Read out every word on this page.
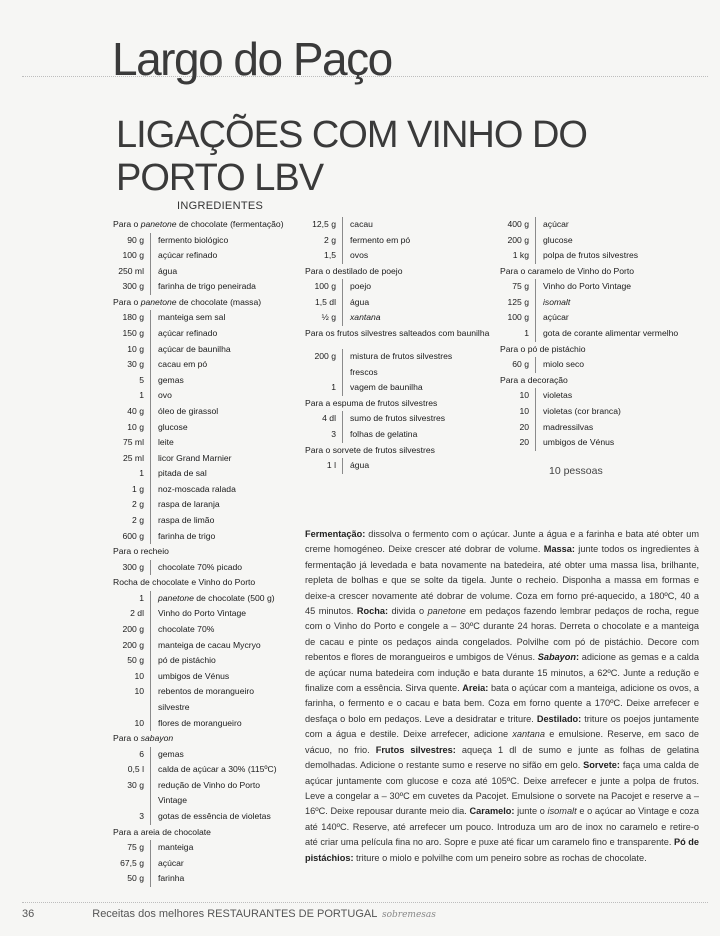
Largo do Paço
LIGAÇÕES COM VINHO DO PORTO LBV
INGREDIENTES
Para o panetone de chocolate (fermentação)
90 g	fermento biológico
100 g	açúcar refinado
250 ml	água
300 g	farinha de trigo peneirada
Para o panetone de chocolate (massa)
180 g	manteiga sem sal
150 g	açúcar refinado
10 g	açúcar de baunilha
30 g	cacau em pó
5	gemas
1	ovo
40 g	óleo de girassol
10 g	glucose
75 ml	leite
25 ml	licor Grand Marnier
1	pitada de sal
1 g	noz-moscada ralada
2 g	raspa de laranja
2 g	raspa de limão
600 g	farinha de trigo
Para o recheio
300 g	chocolate 70% picado
Rocha de chocolate e Vinho do Porto
1	panetone de chocolate (500 g)
2 dl	Vinho do Porto Vintage
200 g	chocolate 70%
200 g	manteiga de cacau Mycryo
50 g	pó de pistáchio
10	umbigos de Vénus
10	rebentos de morangueiro

silvestre
10	flores de morangueiro
Para o sabayon
6	gemas
0,5 l	calda de açúcar a 30% (115ºC)
30 g	redução de Vinho do Porto

Vintage
3	gotas de essência de violetas
Para a areia de chocolate
75 g	manteiga
67,5 g	açúcar
50 g	farinha
12,5 g	cacau
2 g	fermento em pó
1,5	ovos
Para o destilado de poejo
100 g	poejo
1,5 dl	água
½ g	xantana
Para os frutos silvestres salteados com baunilha
200 g	mistura de frutos silvestres

frescos
1	vagem de baunilha
Para a espuma de frutos silvestres
4 dl	sumo de frutos silvestres
3	folhas de gelatina
Para o sorvete de frutos silvestres
1 l	água
400 g	açúcar
200 g	glucose
1 kg	polpa de frutos silvestres
Para o caramelo de Vinho do Porto
75 g	Vinho do Porto Vintage
125 g	isomalt
100 g	açúcar
1	gota de corante alimentar vermelho
Para o pó de pistáchio
60 g	miolo seco
Para a decoração
10	violetas
10	violetas (cor branca)
20	madressilvas
20	umbigos de Vénus
10 pessoas
Fermentação: dissolva o fermento com o açúcar. Junte a água e a farinha e bata até obter um creme homogéneo. Deixe crescer até dobrar de volume. Massa: junte todos os ingredientes à fermentação já levedada e bata novamente na batedeira, até obter uma massa lisa, brilhante, repleta de bolhas e que se solte da tigela. Junte o recheio. Disponha a massa em formas e deixe-a crescer novamente até dobrar de volume. Coza em forno pré-aquecido, a 180ºC, 40 a 45 minutos. Rocha: divida o panetone em pedaços fazendo lembrar pedaços de rocha, regue com o Vinho do Porto e congele a – 30ºC durante 24 horas. Derreta o chocolate e a manteiga de cacau e pinte os pedaços ainda congelados. Polvilhe com pó de pistáchio. Decore com rebentos e flores de morangueiros e umbigos de Vénus. Sabayon: adicione as gemas e a calda de açúcar numa batedeira com indução e bata durante 15 minutos, a 62ºC. Junte a redução e finalize com a essência. Sirva quente. Areia: bata o açúcar com a manteiga, adicione os ovos, a farinha, o fermento e o cacau e bata bem. Coza em forno quente a 170ºC. Deixe arrefecer e desfaça o bolo em pedaços. Leve a desidratar e triture. Destilado: triture os poejos juntamente com a água e destile. Deixe arrefecer, adicione xantana e emulsione. Reserve, em saco de vácuo, no frio. Frutos silvestres: aqueça 1 dl de sumo e junte as folhas de gelatina demolhadas. Adicione o restante sumo e reserve no sifão em gelo. Sorvete: faça uma calda de açúcar juntamente com glucose e coza até 105ºC. Deixe arrefecer e junte a polpa de frutos. Leve a congelar a – 30ºC em cuvetes da Pacojet. Emulsione o sorvete na Pacojet e reserve a – 16ºC. Deixe repousar durante meio dia. Caramelo: junte o isomalt e o açúcar ao Vintage e coza até 140ºC. Reserve, até arrefecer um pouco. Introduza um aro de inox no caramelo e retire-o até criar uma película fina no aro. Sopre e puxe até ficar um caramelo fino e transparente. Pó de pistáchios: triture o miolo e polvilhe com um peneiro sobre as rochas de chocolate.
36	Receitas dos melhores RESTAURANTES DE PORTUGAL sobremesas
